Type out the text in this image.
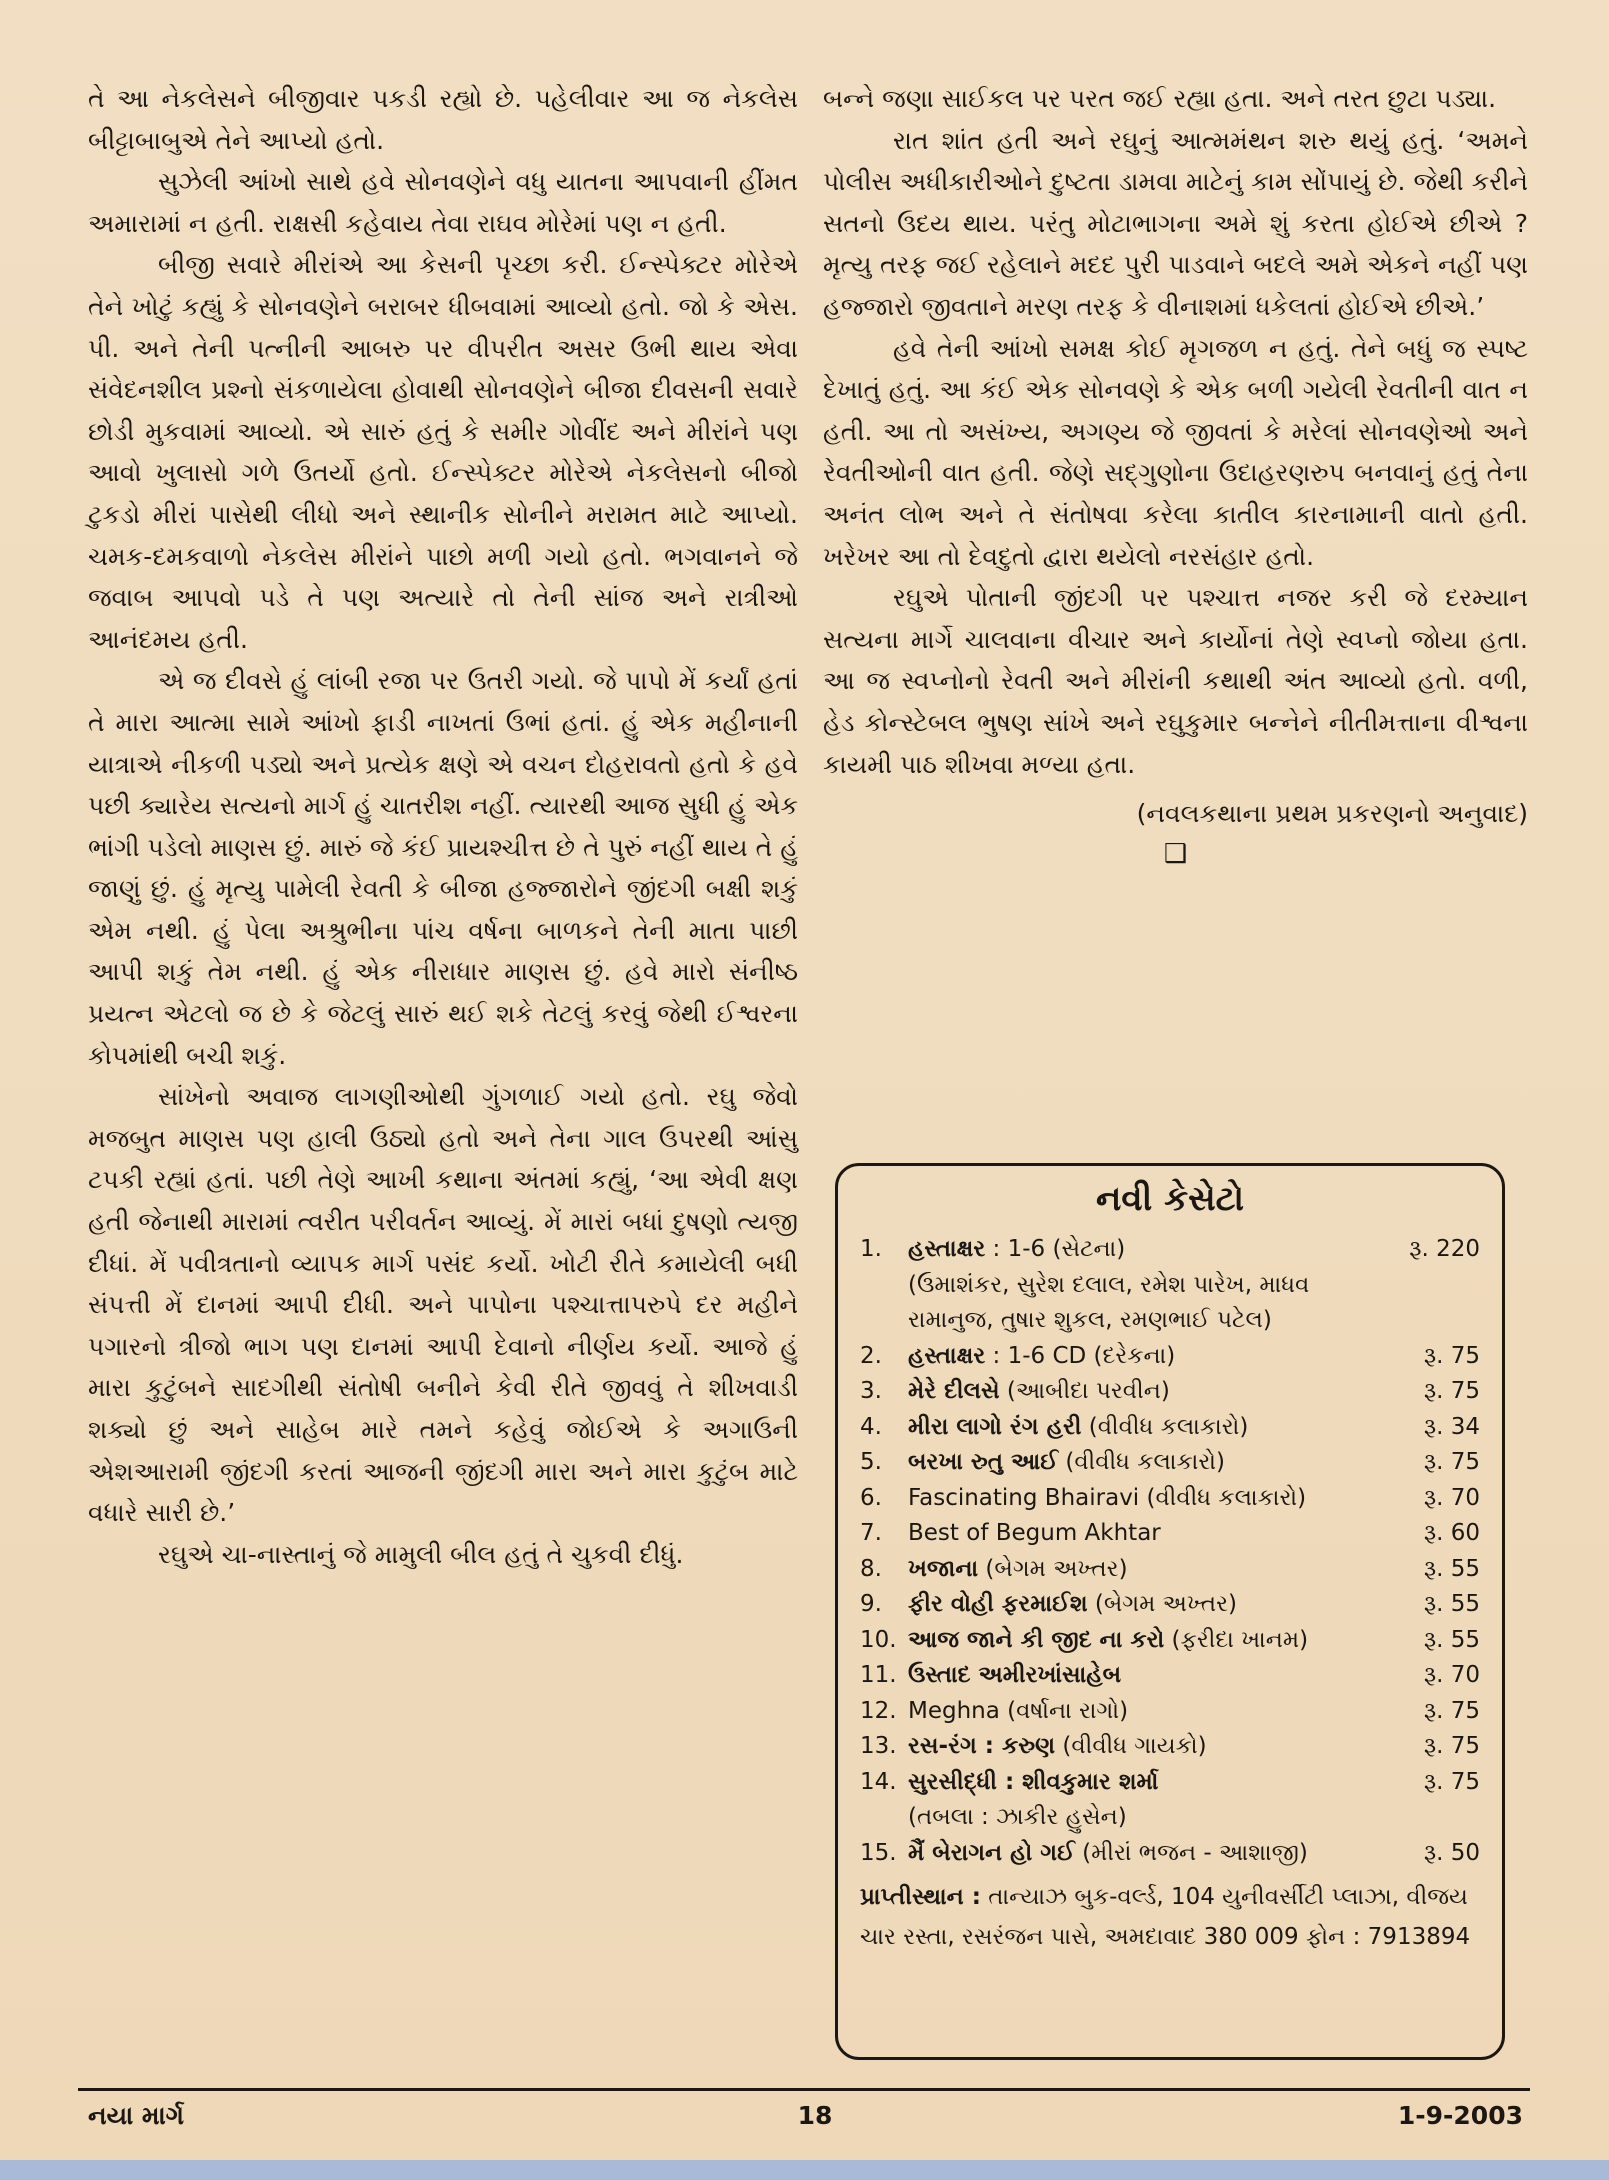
તે આ નેકલેસને બીજીવાર પકડી રહ્યો છે. પહેલીવાર આ જ નેકલેસ બીટ્ટાબાબુએ તેને આપ્યો હતો.

સુઝેલી આંખો સાથે હવે સોનવણેને વધુ યાતના આપવાની હીંમત અમારામાં ન હતી. રાક્ષસી કહેવાય તેવા રાઘવ મોરેમાં પણ ન હતી.

બીજી સવારે મીરાંએ આ કેસની પૃચ્છા કરી. ઈન્સ્પેક્ટર મોરેએ તેને ખોટું કહ્યું કે સોનવણેને બરાબર ધીબવામાં આવ્યો હતો. જો કે એસ. પી. અને તેની પત્નીની આબરુ પર વીપરીત અસર ઉભી થાય એવા સંવેદનશીલ પ્રશ્નો સંકળાયેલા હોવાથી સોનવણેને બીજા દીવસની સવારે છોડી મુકવામાં આવ્યો. એ સારું હતું કે સમીર ગોવીંદ અને મીરાંને પણ આવો ખુલાસો ગળે ઉતર્યો હતો. ઈન્સ્પેક્ટર મોરેએ નેકલેસનો બીજો ટુકડો મીરાં પાસેથી લીધો અને સ્થાનીક સોનીને મરામત માટે આપ્યો. ચમક-દમકવાળો નેકલેસ મીરાંને પાછો મળી ગયો હતો. ભગવાનને જે જવાબ આપવો પડે તે પણ અત્યારે તો તેની સાંજ અને રાત્રીઓ આનંદમય હતી.

એ જ દીવસે હું લાંબી રજા પર ઉતરી ગયો. જે પાપો મેં કર્યાં હતાં તે મારા આત્મા સામે આંખો ફાડી નાખતાં ઉભાં હતાં. હું એક મહીનાની યાત્રાએ નીકળી પડ્યો અને પ્રત્યેક ક્ષણે એ વચન દોહરાવતો હતો કે હવે પછી ક્યારેય સત્યનો માર્ગ હું ચાતરીશ નહીં. ત્યારથી આજ સુધી હું એક ભાંગી પડેલો માણસ છું. મારું જે કંઈ પ્રાયશ્ચીત્ત છે તે પુરું નહીં થાય તે હું જાણું છું. હું મૃત્યુ પામેલી રેવતી કે બીજા હજ્જારોને જીંદગી બક્ષી શકું એમ નથી. હું પેલા અશ્રુભીના પાંચ વર્ષના બાળકને તેની માતા પાછી આપી શકું તેમ નથી. હું એક નીરાધાર માણસ છું. હવે મારો સંનીષ્ઠ પ્રયત્ન એટલો જ છે કે જેટલું સારું થઈ શકે તેટલું કરવું જેથી ઈશ્વરના કોપમાંથી બચી શકું.

સાંખેનો અવાજ લાગણીઓથી ગુંગળાઈ ગયો હતો. રઘુ જેવો મજબુત માણસ પણ હાલી ઉઠ્યો હતો અને તેના ગાલ ઉપરથી આંસુ ટપકી રહ્યાં હતાં. પછી તેણે આખી કથાના અંતમાં કહ્યું, ‘આ એવી ક્ષણ હતી જેનાથી મારામાં ત્વરીત પરીવર્તન આવ્યું. મેં મારાં બધાં દુષણો ત્યજી દીધાં. મેં પવીત્રતાનો વ્યાપક માર્ગ પસંદ કર્યો. ખોટી રીતે કમાયેલી બધી સંપત્તી મેં દાનમાં આપી દીધી. અને પાપોના પશ્ચાત્તાપરુપે દર મહીને પગારનો ત્રીજો ભાગ પણ દાનમાં આપી દેવાનો નીર્ણય કર્યો. આજે હું મારા કુટુંબને સાદગીથી સંતોષી બનીને કેવી રીતે જીવવું તે શીખવાડી શક્યો છું અને સાહેબ મારે તમને કહેવું જોઈએ કે અગાઉની એશઆરામી જીંદગી કરતાં આજની જીંદગી મારા અને મારા કુટુંબ માટે વધારે સારી છે.’

રઘુએ ચા-નાસ્તાનું જે મામુલી બીલ હતું તે ચુકવી દીધું.

બન્ને જણા સાઈકલ પર પરત જઈ રહ્યા હતા. અને તરત છુટા પડ્યા.

રાત શાંત હતી અને રઘુનું આત્મમંથન શરુ થયું હતું. ‘અમને પોલીસ અધીકારીઓને દુષ્ટતા ડામવા માટેનું કામ સોંપાયું છે. જેથી કરીને સતનો ઉદય થાય. પરંતુ મોટાભાગના અમે શું કરતા હોઈએ છીએ ? મૃત્યુ તરફ જઈ રહેલાને મદદ પુરી પાડવાને બદલે અમે એકને નહીં પણ હજ્જારો જીવતાને મરણ તરફ કે વીનાશમાં ધકેલતાં હોઈએ છીએ.’

હવે તેની આંખો સમક્ષ કોઈ મૃગજળ ન હતું. તેને બધું જ સ્પષ્ટ દેખાતું હતું. આ કંઈ એક સોનવણે કે એક બળી ગયેલી રેવતીની વાત ન હતી. આ તો અસંખ્ય, અગણ્ય જે જીવતાં કે મરેલાં સોનવણેઓ અને રેવતીઓની વાત હતી. જેણે સદ્ગુણોના ઉદાહરણરુપ બનવાનું હતું તેના અનંત લોભ અને તે સંતોષવા કરેલા કાતીલ કારનામાની વાતો હતી. ખરેખર આ તો દેવદુતો દ્વારા થયેલો નરસંહાર હતો.

રઘુએ પોતાની જીંદગી પર પશ્ચાત્ત નજર કરી જે દરમ્યાન સત્યના માર્ગે ચાલવાના વીચાર અને કાર્યોનાં તેણે સ્વપ્નો જોયા હતા. આ જ સ્વપ્નોનો રેવતી અને મીરાંની કથાથી અંત આવ્યો હતો. વળી, હેડ કોન્સ્ટેબલ ભુષણ સાંખે અને રઘુકુમાર બન્નેને નીતીમત્તાના વીશ્વના કાયમી પાઠ શીખવા મળ્યા હતા.

(નવલકથાના પ્રથમ પ્રકરણનો અનુવાદ)

❑
નવી કેસેટો
1. હસ્તાક્ષર : 1-6 (સેટના)
(ઉમાશંકર, સુરેશ દલાલ, રમેશ પારેખ, માધવ રામાનુજ, તુષાર શુકલ, રમણભાઈ પટેલ)
રૂ. 220
2. હસ્તાક્ષર : 1-6 CD (દરેકના)	રૂ. 75
3. મેરે દીલસે (આબીદા પરવીન)	રૂ. 75
4. મીરા લાગો રંગ હરી (વીવીધ કલાકારો)	રૂ. 34
5. બરખા રુતુ આઈ (વીવીધ કલાકારો)	રૂ. 75
6. Fascinating Bhairavi (વીવીધ કલાકારો)	રૂ. 70
7. Best of Begum Akhtar	રૂ. 60
8. ખજાના (બેગમ અખ્તર)	રૂ. 55
9. ફીર વોહી ફરમાઈશ (બેગમ અખ્તર)	રૂ. 55
10. આજ જાને કી જીદ ના કરો (ફરીદા ખાનમ)	રૂ. 55
11. ઉસ્તાદ અમીરખાંસાહેબ	રૂ. 70
12. Meghna (વર્ષાના રાગો)	રૂ. 75
13. રસ-રંગ : કરુણ (વીવીધ ગાયકો)	રૂ. 75
14. સુરસીદ્ધી : શીવકુમાર શર્મા
(તબલા : ઝાકીર હુસેન)
રૂ. 75
15. મૈં બેરાગન હો ગઈ (મીરાં ભજન - આશાજી)	રૂ. 50
પ્રાપ્તીસ્થાન : તાન્યાઝ બુક-વર્લ્ડ, 104 યુનીવર્સીટી પ્લાઝા, વીજય ચાર રસ્તા, રસરંજન પાસે, અમદાવાદ 380 009 ફોન : 7913894
નયા માર્ગ	18	1-9-2003
